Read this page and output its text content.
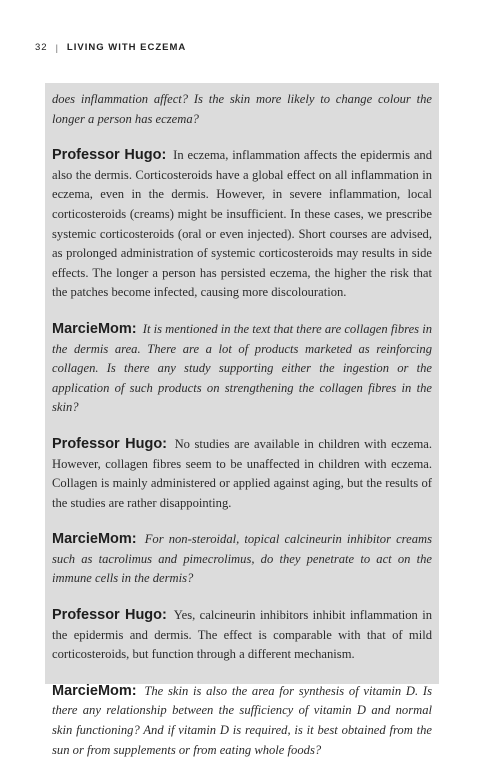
32 | LIVING WITH ECZEMA

does inflammation affect? Is the skin more likely to change colour the longer a person has eczema?

Professor Hugo: In eczema, inflammation affects the epidermis and also the dermis. Corticosteroids have a global effect on all inflammation in eczema, even in the dermis. However, in severe inflammation, local corticosteroids (creams) might be insufficient. In these cases, we prescribe systemic corticosteroids (oral or even injected). Short courses are advised, as prolonged administration of systemic corticosteroids may results in side effects. The longer a person has persisted eczema, the higher the risk that the patches become infected, causing more discolouration.

MarcieMom: It is mentioned in the text that there are collagen fibres in the dermis area. There are a lot of products marketed as reinforcing collagen. Is there any study supporting either the ingestion or the application of such products on strengthening the collagen fibres in the skin?

Professor Hugo: No studies are available in children with eczema. However, collagen fibres seem to be unaffected in children with eczema. Collagen is mainly administered or applied against aging, but the results of the studies are rather disappointing.

MarcieMom: For non-steroidal, topical calcineurin inhibitor creams such as tacrolimus and pimecrolimus, do they penetrate to act on the immune cells in the dermis?

Professor Hugo: Yes, calcineurin inhibitors inhibit inflammation in the epidermis and dermis. The effect is comparable with that of mild corticosteroids, but function through a different mechanism.

MarcieMom: The skin is also the area for synthesis of vitamin D. Is there any relationship between the sufficiency of vitamin D and normal skin functioning? And if vitamin D is required, is it best obtained from the sun or from supplements or from eating whole foods?
